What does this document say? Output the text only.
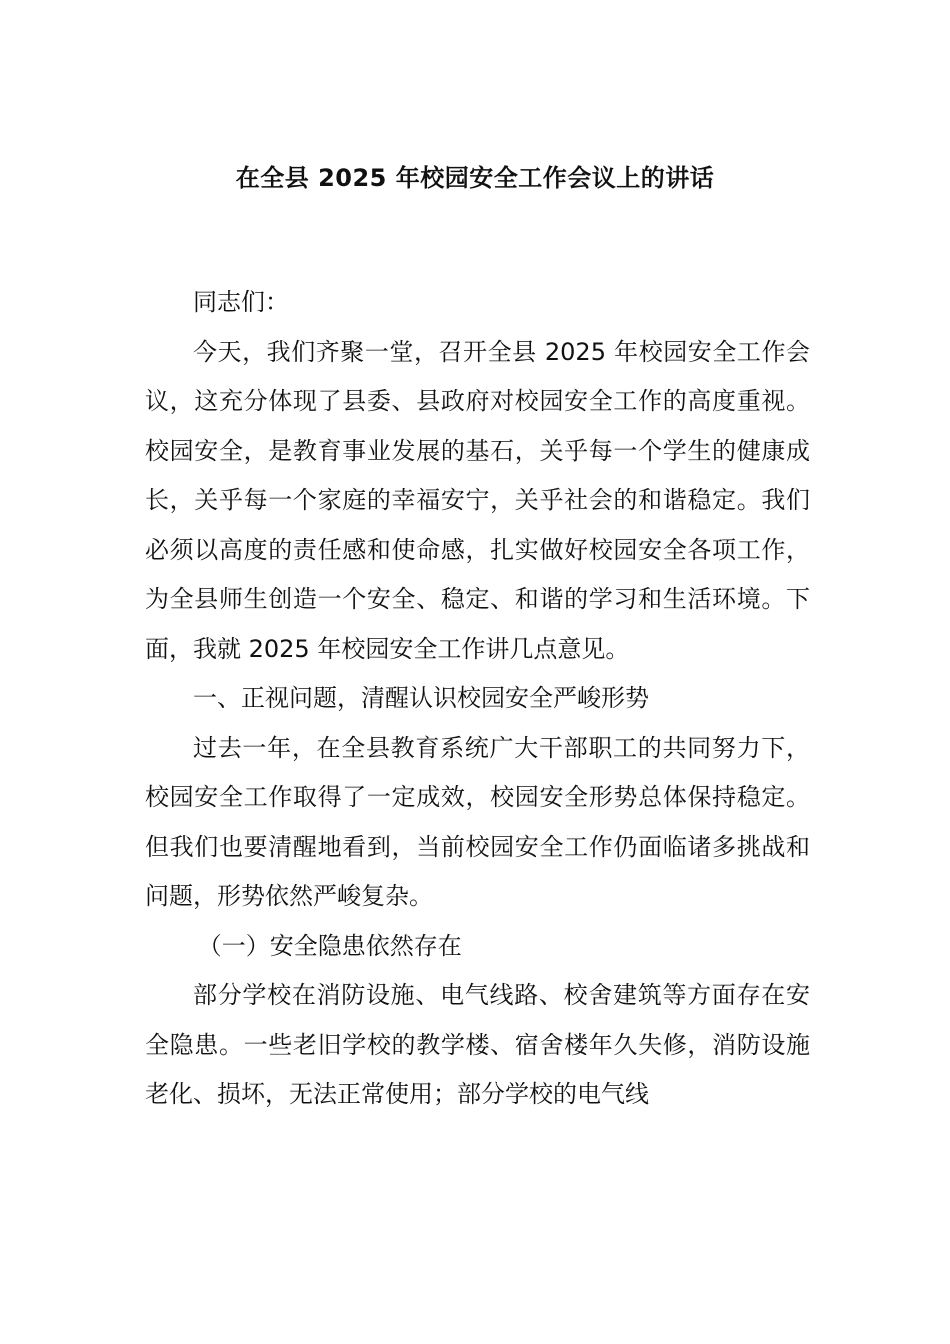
在全县 2025 年校园安全工作会议上的讲话

同志们：

今天，我们齐聚一堂，召开全县 2025 年校园安全工作会议，这充分体现了县委、县政府对校园安全工作的高度重视。校园安全，是教育事业发展的基石，关乎每一个学生的健康成长，关乎每一个家庭的幸福安宁，关乎社会的和谐稳定。我们必须以高度的责任感和使命感，扎实做好校园安全各项工作，为全县师生创造一个安全、稳定、和谐的学习和生活环境。下面，我就 2025 年校园安全工作讲几点意见。

一、正视问题，清醒认识校园安全严峻形势

过去一年，在全县教育系统广大干部职工的共同努力下，校园安全工作取得了一定成效，校园安全形势总体保持稳定。但我们也要清醒地看到，当前校园安全工作仍面临诸多挑战和问题，形势依然严峻复杂。

（一）安全隐患依然存在

部分学校在消防设施、电气线路、校舍建筑等方面存在安全隐患。一些老旧学校的教学楼、宿舍楼年久失修，消防设施老化、损坏，无法正常使用；部分学校的电气线
